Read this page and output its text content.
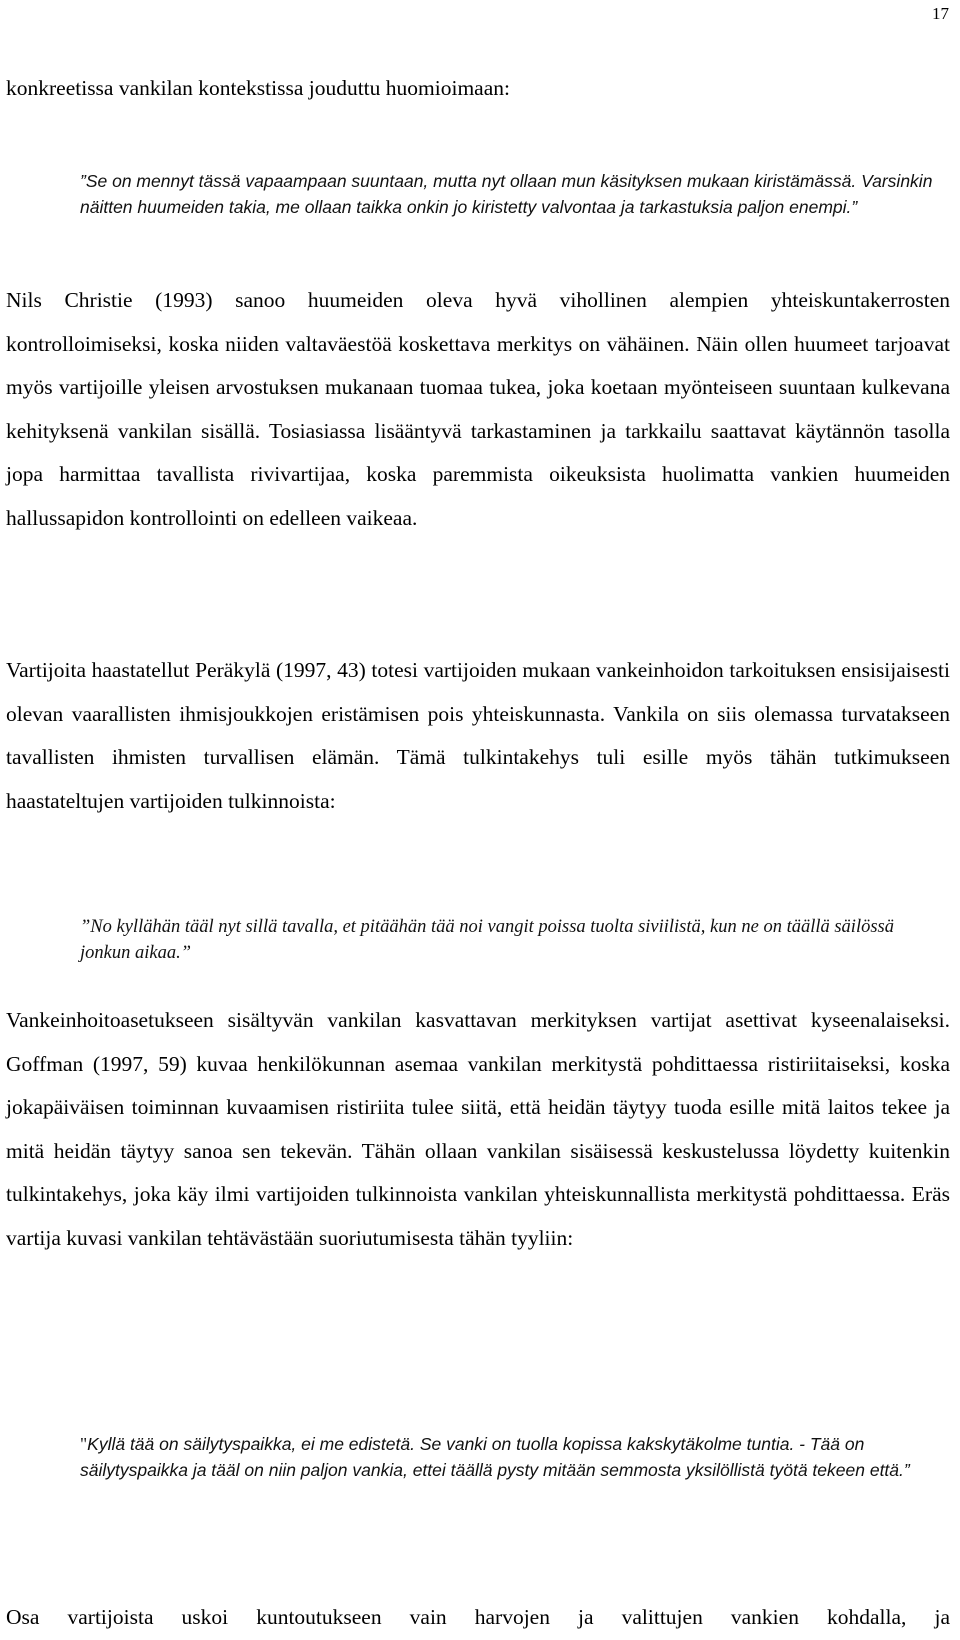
17

konkreetissa vankilan kontekstissa jouduttu huomioimaan:

”Se on mennyt tässä vapaampaan suuntaan, mutta nyt ollaan mun käsityksen mukaan kiristämässä. Varsinkin näitten huumeiden takia, me ollaan taikka onkin jo kiristetty valvontaa ja tarkastuksia paljon enempi.”

Nils Christie (1993) sanoo huumeiden oleva hyvä vihollinen alempien yhteiskuntakerrosten kontrolloimiseksi, koska niiden valtaväestöä koskettava merkitys on vähäinen. Näin ollen huumeet tarjoavat myös vartijoille yleisen arvostuksen mukanaan tuomaa tukea, joka koetaan myönteiseen suuntaan kulkevana kehityksenä vankilan sisällä. Tosiasiassa lisääntyvä tarkastaminen ja tarkkailu saattavat käytännön tasolla jopa harmittaa tavallista rivivartijaa, koska paremmista oikeuksista huolimatta vankien huumeiden hallussapidon kontrollointi on edelleen vaikeaa.

Vartijoita haastatellut Peräkylä (1997, 43) totesi vartijoiden mukaan vankeinhoidon tarkoituksen ensisijaisesti olevan vaarallisten ihmisjoukkojen eristämisen pois yhteiskunnasta. Vankila on siis olemassa turvatakseen tavallisten ihmisten turvallisen elämän. Tämä tulkintakehys tuli esille myös tähän tutkimukseen haastateltujen vartijoiden tulkinnoista:

”No kyllähän tääl nyt sillä tavalla, et pitäähän tää noi vangit poissa tuolta siviilistä, kun ne on täällä säilössä jonkun aikaa.”

Vankeinhoitoasetukseen sisältyvän vankilan kasvattavan merkityksen vartijat asettivat kyseenalaiseksi. Goffman (1997, 59) kuvaa henkilökunnan asemaa vankilan merkitystä pohdittaessa ristiriitaiseksi, koska jokapäiväisen toiminnan kuvaamisen ristiriita tulee siitä, että heidän täytyy tuoda esille mitä laitos tekee ja mitä heidän täytyy sanoa sen tekevän. Tähän ollaan vankilan sisäisessä keskustelussa löydetty kuitenkin tulkintakehys, joka käy ilmi vartijoiden tulkinnoista vankilan yhteiskunnallista merkitystä pohdittaessa. Eräs vartija kuvasi vankilan tehtävästään suoriutumisesta tähän tyyliin:

"Kyllä tää on säilytyspaikka, ei me edistetä. Se vanki on tuolla kopissa kakskytäkolme tuntia. - Tää on säilytyspaikka ja tääl on niin paljon vankia, ettei täällä pysty mitään semmosta yksilöllistä työtä tekeen että.”

Osa vartijoista uskoi kuntoutukseen vain harvojen ja valittujen vankien kohdalla, ja
